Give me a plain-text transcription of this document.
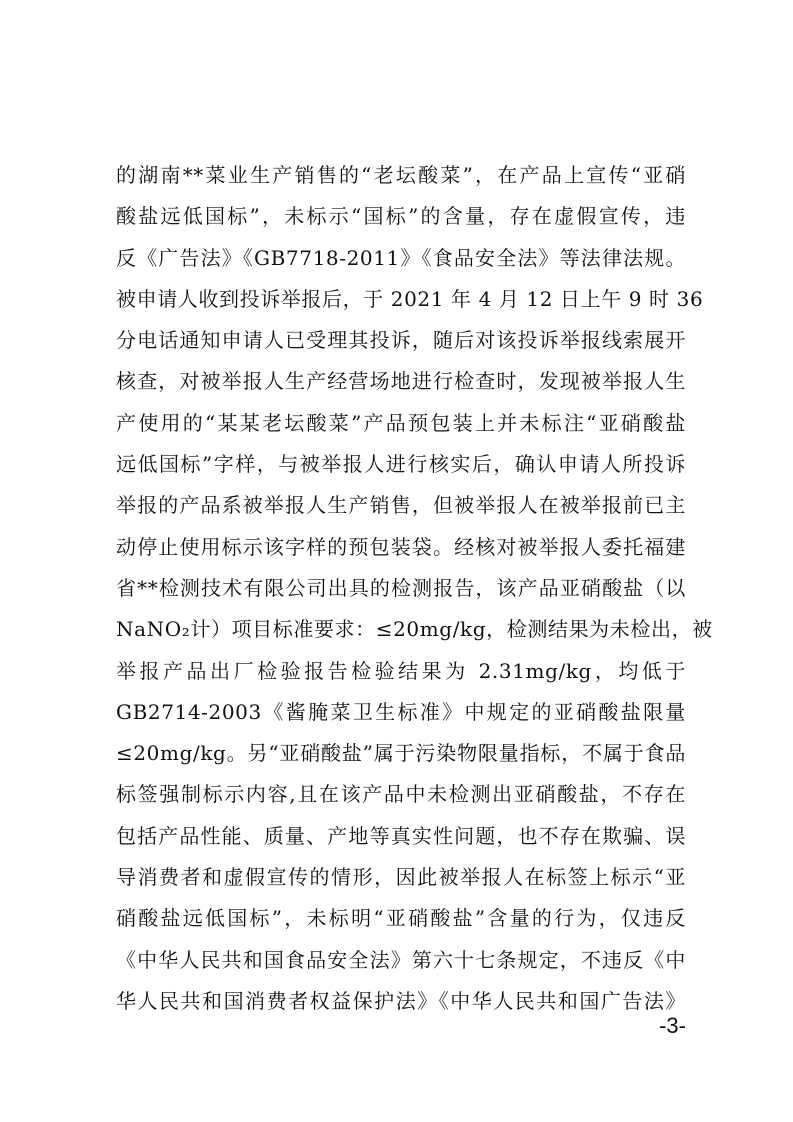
的湖南**菜业生产销售的“老坛酸菜”，在产品上宣传“亚硝
酸盐远低国标”，未标示“国标”的含量，存在虚假宣传，违
反《广告法》《GB7718-2011》《食品安全法》等法律法规。
被申请人收到投诉举报后，于 2021 年 4 月 12 日上午 9 时 36
分电话通知申请人已受理其投诉，随后对该投诉举报线索展开
核查，对被举报人生产经营场地进行检查时，发现被举报人生
产使用的“某某老坛酸菜”产品预包装上并未标注“亚硝酸盐
远低国标”字样，与被举报人进行核实后，确认申请人所投诉
举报的产品系被举报人生产销售，但被举报人在被举报前已主
动停止使用标示该字样的预包装袋。经核对被举报人委托福建
省**检测技术有限公司出具的检测报告，该产品亚硝酸盐（以
NaNO₂计）项目标准要求：≤20mg/kg，检测结果为未检出，被
举报产品出厂检验报告检验结果为 2.31mg/kg，均低于
GB2714-2003《酱腌菜卫生标准》中规定的亚硝酸盐限量
≤20mg/kg。另“亚硝酸盐”属于污染物限量指标，不属于食品
标签强制标示内容,且在该产品中未检测出亚硝酸盐，不存在
包括产品性能、质量、产地等真实性问题，也不存在欺骗、误
导消费者和虚假宣传的情形，因此被举报人在标签上标示“亚
硝酸盐远低国标”，未标明“亚硝酸盐”含量的行为，仅违反
《中华人民共和国食品安全法》第六十七条规定，不违反《中
华人民共和国消费者权益保护法》《中华人民共和国广告法》
-3-
